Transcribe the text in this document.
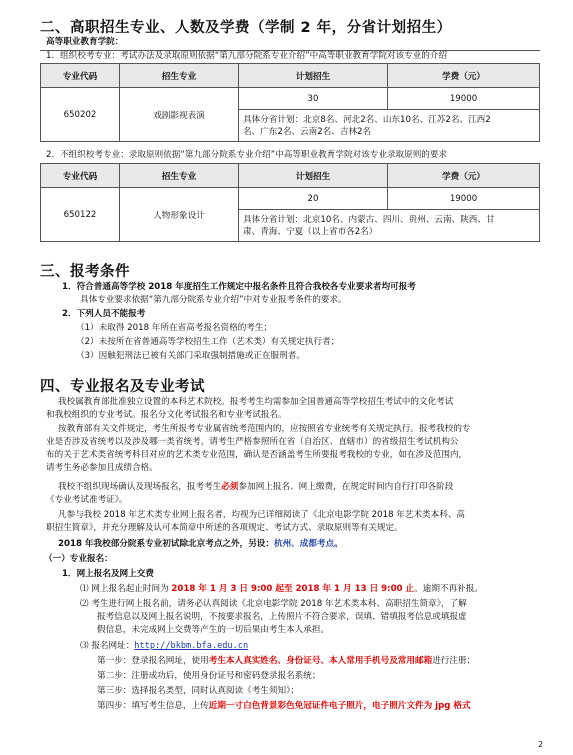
二、高职招生专业、人数及学费（学制 2 年，分省计划招生）
高等职业教育学院：
1．组织校考专业：考试办法及录取原则依据“第九部分院系专业介绍”中高等职业教育学院对该专业的介绍
专业代码	招生专业	计划招生	学费（元）
650202	戏剧影视表演	30	19000
		具体分省计划：北京8名、河北2名、山东10名、江苏2名、江西2
名、广东2名、云南2名、吉林2名	
2．不组织校考专业：录取原则依据“第九部分院系专业介绍”中高等职业教育学院对该专业录取原则的要求
专业代码	招生专业	计划招生	学费（元）
650122	人物形象设计	20	19000
		具体分省计划：北京10名、内蒙古、四川、贵州、云南、陕西、甘
肃、青海、宁夏（以上省市各2名）	
三、报考条件
1．符合普通高等学校 2018 年度招生工作规定中报名条件且符合我校各专业要求者均可报考
具体专业要求依据“第九部分院系专业介绍”中对专业报考条件的要求。
2．下列人员不能报考
（1）未取得 2018 年所在省高考报名资格的考生；
（2）未按所在省普通高等学校招生工作（艺术类）有关规定执行者；
（3）因触犯刑法已被有关部门采取强制措施或正在服刑者。
四、专业报名及专业考试
我校属教育部批准独立设置的本科艺术院校。报考考生均需参加全国普通高等学校招生考试中的文化考试
和我校组织的专业考试。报名分文化考试报名和专业考试报名。
按教育部有关文件规定，考生所报考专业属省统考范围内的，应按照省专业统考有关规定执行。报考我校的专
业是否涉及省统考以及涉及哪一类省统考，请考生严格参照所在省（自治区、直辖市）的省级招生考试机构公
布的关于艺术类省统考科目对应的艺术类专业范围，确认是否涵盖考生所要报考我校的专业，如在涉及范围内，
请考生务必参加且成绩合格。
我校不组织现场确认及现场报名，报考考生必须参加网上报名、网上缴费，在规定时间内自行打印各阶段
《专业考试准考证》。
凡参与我校 2018 年艺术类专业网上报名者，均视为已详细阅读了《北京电影学院 2018 年艺术类本科、高
职招生简章》，并充分理解及认可本简章中所述的各项规定、考试方式、录取原则等有关规定。
2018 年我校部分院系专业初试除北京考点之外，另设：杭州、成都考点。
（一）专业报名：
1．网上报名及网上交费
⑴ 网上报名起止时间为 2018 年 1 月 3 日 9:00 起至 2018 年 1 月 13 日 9:00 止。逾期不再补报。
⑵ 考生进行网上报名前，请务必认真阅读《北京电影学院 2018 年艺术类本科、高职招生简章》，了解
报考信息以及网上报名说明，不按要求报名，上传照片不符合要求，误填、错填报考信息或填报虚
假信息，未完成网上交费等产生的一切后果由考生本人承担。
⑶ 报名网址：http://bkbm.bfa.edu.cn
第一步：登录报名网址，使用考生本人真实姓名、身份证号、本人常用手机号及常用邮箱进行注册；
第二步：注册成功后，使用身份证号和密码登录报名系统；
第三步：选择报名类型，同时认真阅读《考生须知》；
第四步：填写考生信息，上传近期一寸白色背景彩色免冠证件电子照片，电子照片文件为 jpg 格式
2
